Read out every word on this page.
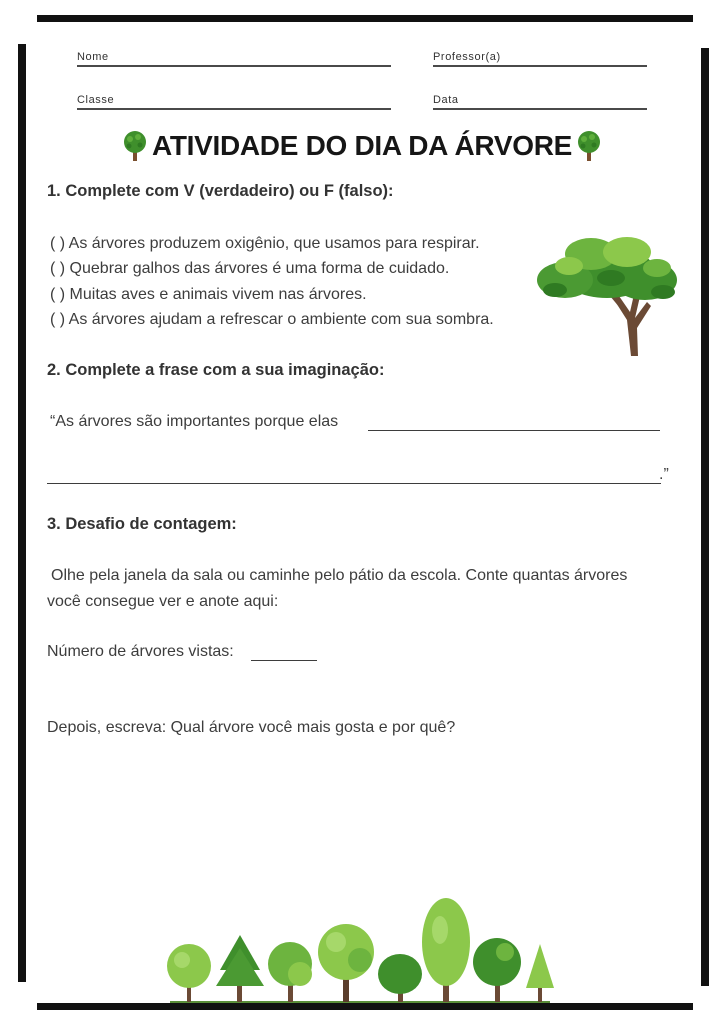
Nome	Professor(a)
Classe	Data
ATIVIDADE DO DIA DA ÁRVORE
1. Complete com V (verdadeiro) ou F (falso):
( ) As árvores produzem oxigênio, que usamos para respirar.
( ) Quebrar galhos das árvores é uma forma de cuidado.
( ) Muitas aves e animais vivem nas árvores.
( ) As árvores ajudam a refrescar o ambiente com sua sombra.
2. Complete a frase com a sua imaginação:
“As árvores são importantes porque elas
.”
3. Desafio de contagem:
Olhe pela janela da sala ou caminhe pelo pátio da escola. Conte quantas árvores
você consegue ver e anote aqui:
Número de árvores vistas:
Depois, escreva: Qual árvore você mais gosta e por quê?
